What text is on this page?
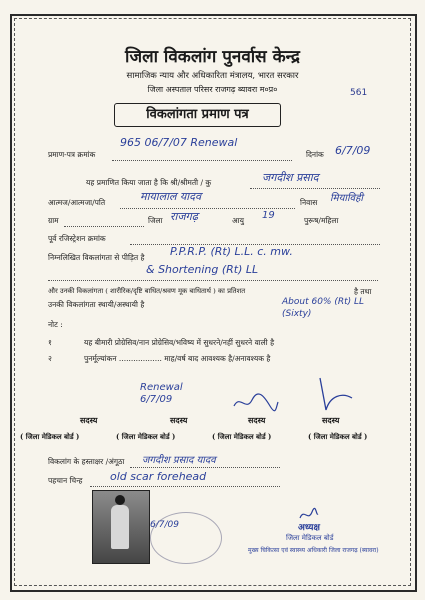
जिला विकलांग पुनर्वास केन्द्र
सामाजिक न्याय और अधिकारिता मंत्रालय, भारत सरकार
जिला अस्पताल परिसर राजगढ़ ब्यावरा म०प्र०	561
विकलांगता प्रमाण पत्र
प्रमाण-पत्र क्रमांक
965 06/7/07 Renewal
दिनांक 6/7/09
यह प्रमाणित किया जाता है कि श्री/श्रीमती / कु	जगदीश प्रसाद
आत्मज/आत्मजा/पति	मायालाल यादव	निवास मियाविही
ग्राम	जिला राजगढ़	आयु 19	पुरूष/महिला
पूर्व रजिस्ट्रेशन क्रमांक
निम्नलिखित विकलांगता से पीड़ित है P.P.R.P. (Rt) L.L. c. mw.
& Shortening (Rt) LL
और उनकी विकलांगता ( शारीरिक/दृष्टि बाधित/श्रवण मूक बाधितार्थ ) का प्रतिशत	है तथा
उनकी विकलांगता स्थायी/अस्थायी है	About 60% (Rt) LL (Sixty)
नोट :
१	यह बीमारी प्रोग्रेसिव/नान प्रोग्रेसिव/भविष्य में सुधरने/नहीं सुधरने वाली है
२	पुनर्मूल्यांकन .................. माह/वर्ष बाद आवश्यक है/अनावश्यक है
Renewal 6/7/09
सदस्य	सदस्य	सदस्य	सदस्य
( जिला मेडिकल बोर्ड )	( जिला मेडिकल बोर्ड )	( जिला मेडिकल बोर्ड )	( जिला मेडिकल बोर्ड )
विकलांग के हस्ताक्षर /अंगूठा जगदीश प्रसाद यादव
पहचान चिन्ह	old scar forehead
6/7/09	अध्यक्ष
जिला मेडिकल बोर्ड
मुख्य चिकित्सा एवं स्वास्थ्य अधिकारी जिला राजगढ़ (ब्यावरा)
